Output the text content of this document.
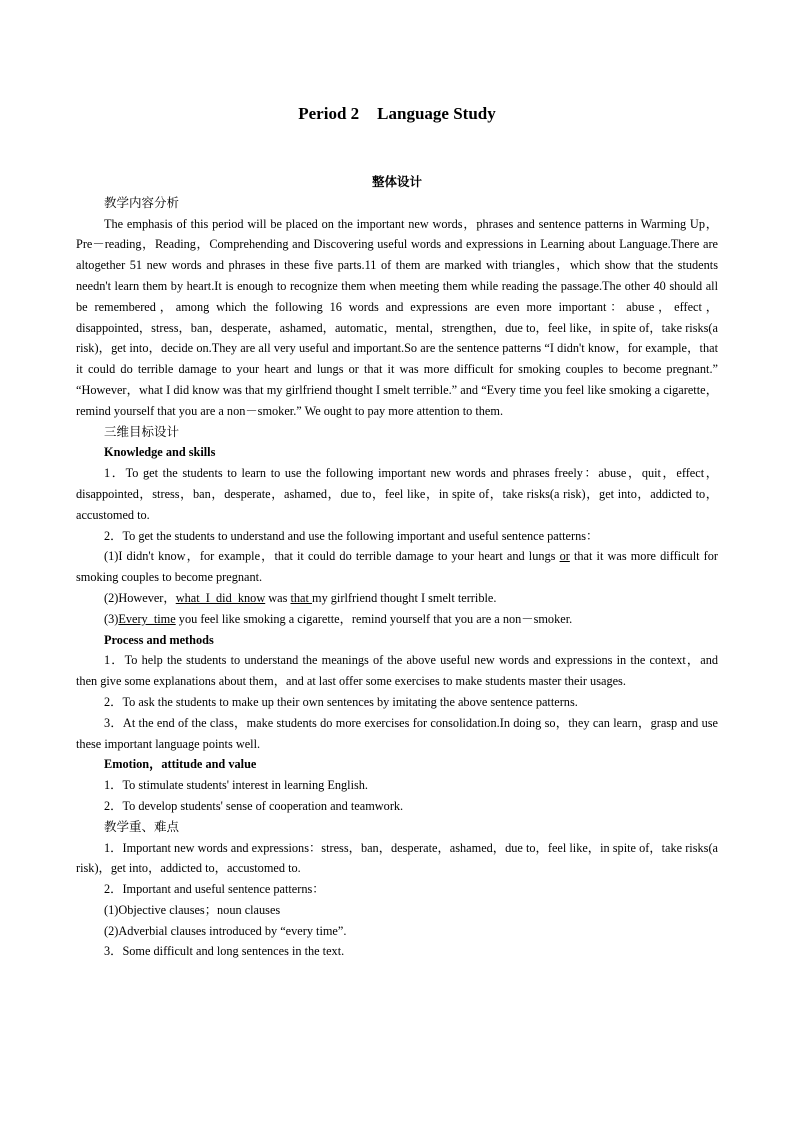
Period 2 Language Study

整体设计

教学内容分析

The emphasis of this period will be placed on the important new words，phrases and sentence patterns in Warming Up，Pre－reading，Reading，Comprehending and Discovering useful words and expressions in Learning about Language.There are altogether 51 new words and phrases in these five parts.11 of them are marked with triangles，which show that the students needn't learn them by heart.It is enough to recognize them when meeting them while reading the passage.The other 40 should all be remembered，among which the following 16 words and expressions are even more important：abuse，effect，disappointed，stress，ban，desperate，ashamed，automatic，mental，strengthen，due to，feel like，in spite of，take risks(a risk)，get into，decide on.They are all very useful and important.So are the sentence patterns “I didn't know，for example，that it could do terrible damage to your heart and lungs or that it was more difficult for smoking couples to become pregnant.” “However，what I did know was that my girlfriend thought I smelt terrible.” and “Every time you feel like smoking a cigarette，remind yourself that you are a non－smoker.” We ought to pay more attention to them.

三维目标设计

Knowledge and skills

1．To get the students to learn to use the following important new words and phrases freely：abuse，quit，effect，disappointed，stress，ban，desperate，ashamed，due to，feel like，in spite of，take risks(a risk)，get into，addicted to，accustomed to.

2．To get the students to understand and use the following important and useful sentence patterns：

(1)I didn't know，for example，that it could do terrible damage to your heart and lungs or that it was more difficult for smoking couples to become pregnant.

(2)However，what_I_did_know was that my girlfriend thought I smelt terrible.

(3)Every_time you feel like smoking a cigarette，remind yourself that you are a non－smoker.

Process and methods

1．To help the students to understand the meanings of the above useful new words and expressions in the context，and then give some explanations about them，and at last offer some exercises to make students master their usages.

2．To ask the students to make up their own sentences by imitating the above sentence patterns.

3．At the end of the class，make students do more exercises for consolidation.In doing so，they can learn，grasp and use these important language points well.

Emotion，attitude and value

1．To stimulate students' interest in learning English.

2．To develop students' sense of cooperation and teamwork.

教学重、难点

1．Important new words and expressions：stress，ban，desperate，ashamed，due to，feel like，in spite of，take risks(a risk)，get into，addicted to，accustomed to.

2．Important and useful sentence patterns：

(1)Objective clauses；noun clauses

(2)Adverbial clauses introduced by “every time”.

3．Some difficult and long sentences in the text.
